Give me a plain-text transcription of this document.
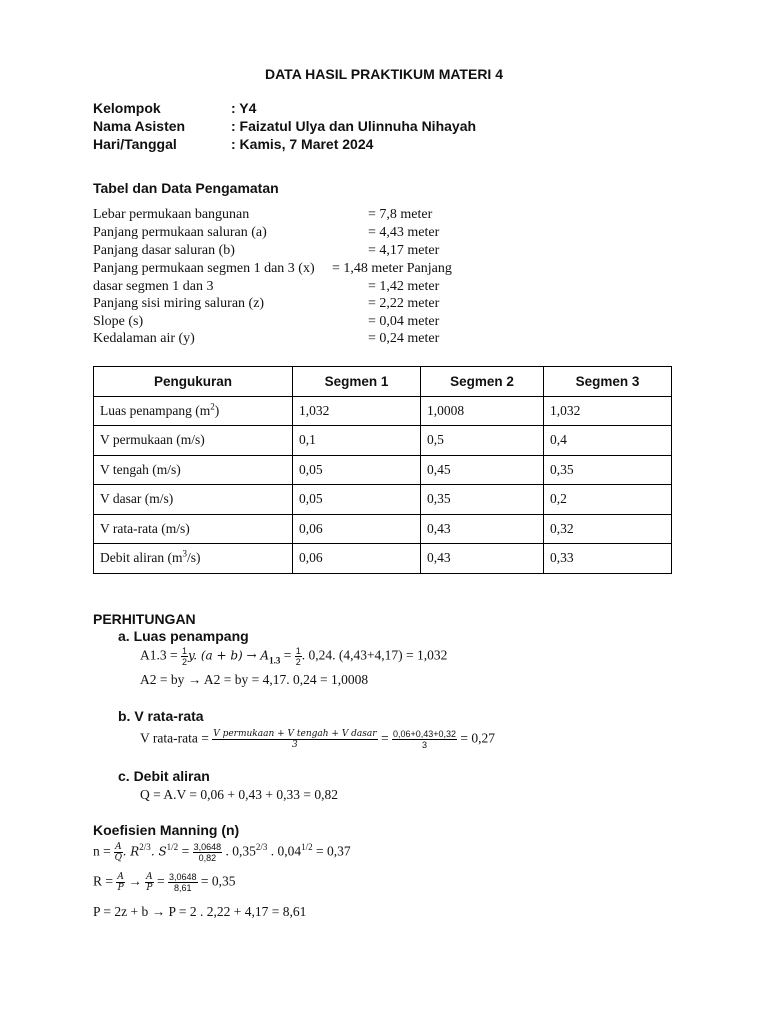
DATA HASIL PRAKTIKUM MATERI 4
Kelompok	: Y4
Nama Asisten	: Faizatul Ulya dan Ulinnuha Nihayah
Hari/Tanggal	: Kamis, 7 Maret 2024
Tabel dan Data Pengamatan
Lebar permukaan bangunan	= 7,8 meter
Panjang permukaan saluran (a)	= 4,43 meter
Panjang dasar saluran (b)	= 4,17 meter
Panjang permukaan segmen 1 dan 3 (x) = 1,48 meter Panjang
dasar segmen 1 dan 3	= 1,42 meter
Panjang sisi miring saluran (z)	= 2,22 meter
Slope (s)	= 0,04 meter
Kedalaman air (y)	= 0,24 meter
Pengukuran	Segmen 1	Segmen 2	Segmen 3
Luas penampang $(m^2)$	1,032	1,0008	1,032
V permukaan (m/s)	0,1	0,5	0,4
V tengah (m/s)	0,05	0,45	0,35
V dasar (m/s)	0,05	0,35	0,2
V rata-rata (m/s)	0,06	0,43	0,32
Debit aliran $(m^3/s)$	0,06	0,43	0,33
PERHITUNGAN
a. Luas penampang
$A1.3 = \frac{1}{2} y$. $(a + b) \to A_{1.3} = \frac{1}{2}$ . 0,24. (4,43+4,17) = 1,032
A2 = by → A2 = by = 4,17. 0,24 = 1,0008
b. V rata-rata
V rata-rata = $\frac{\text{V permukaan + V tengah + V dasar}}{3} = \frac{0,06+0,43+0,32}{3} = 0,27$
c. Debit aliran
Q = A.V = 0,06 + 0,43 + 0,33 = 0,82
Koefisien Manning (n)
$n = \frac{A}{Q}$ . $R^{2/3}$. $S^{1/2} = \frac{3,0648}{0,82}$ . $0,35^{2/3}$ . $0,04^{1/2} = 0,37$
$R = \frac{A}{P} \to \frac{A}{P} = \frac{3,0648}{8,61} = 0,35$
P = 2z + b → P = 2 . 2,22 + 4,17 = 8,61
